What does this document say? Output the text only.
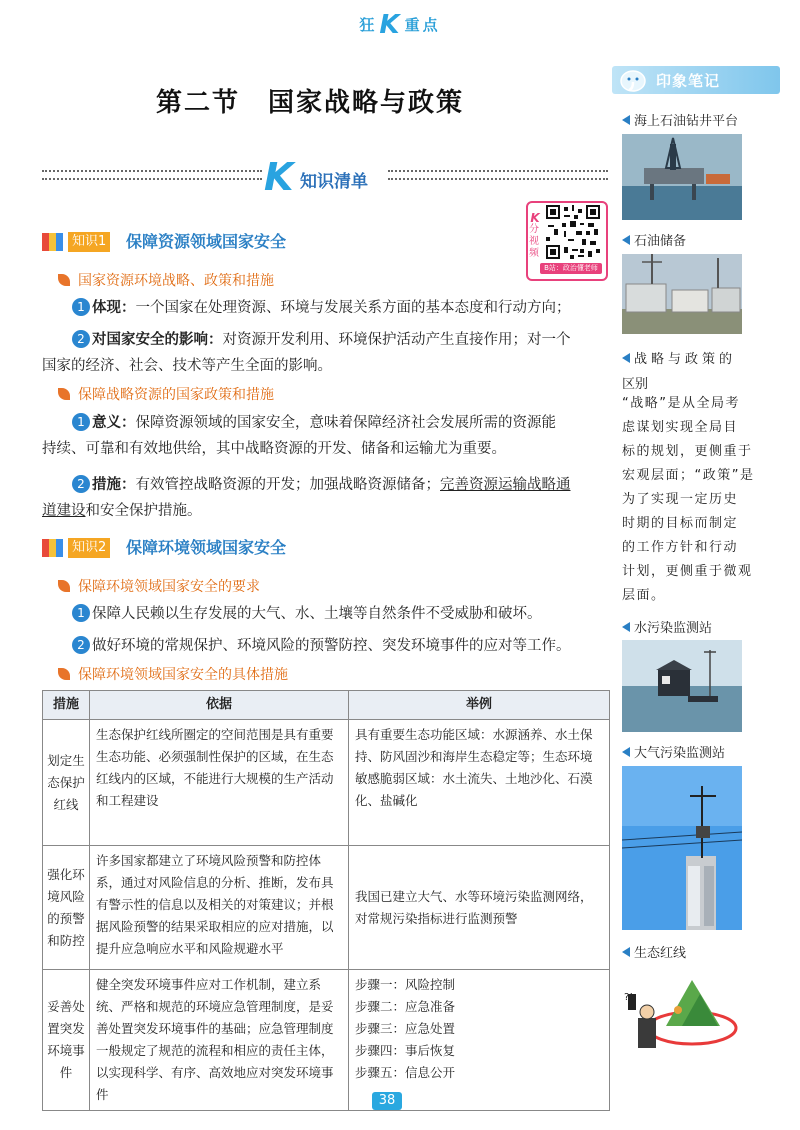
狂K 重点
第二节　国家战略与政策
K 知识清单
K
分视频
B站：政治懂老师
知识1 保障资源领域国家安全
国家资源环境战略、政策和措施
1 体现：一个国家在处理资源、环境与发展关系方面的基本态度和行动方向；
2 对国家安全的影响：对资源开发利用、环境保护活动产生直接作用；对一个
国家的经济、社会、技术等产生全面的影响。
保障战略资源的国家政策和措施
1 意义：保障资源领域的国家安全，意味着保障经济社会发展所需的资源能
持续、可靠和有效地供给，其中战略资源的开发、储备和运输尤为重要。
2 措施：有效管控战略资源的开发；加强战略资源储备；完善资源运输战略通
道建设和安全保护措施。
知识2 保障环境领域国家安全
保障环境领域国家安全的要求
1 保障人民赖以生存发展的大气、水、土壤等自然条件不受威胁和破坏。
2 做好环境的常规保护、环境风险的预警防控、突发环境事件的应对等工作。
保障环境领域国家安全的具体措施
措施	依据	举例
划定生态保护红线	生态保护红线所圈定的空间范围是具有重要生态功能、必须强制性保护的区域，在生态红线内的区域，不能进行大规模的生产活动和工程建设	具有重要生态功能区域：水源涵养、水土保持、防风固沙和海岸生态稳定等；生态环境敏感脆弱区域：水土流失、土地沙化、石漠化、盐碱化
强化环境风险的预警和防控	许多国家都建立了环境风险预警和防控体系，通过对风险信息的分析、推断，发布具有警示性的信息以及相关的对策建议；并根据风险预警的结果采取相应的应对措施，以提升应急响应水平和风险规避水平	我国已建立大气、水等环境污染监测网络，对常规污染指标进行监测预警
妥善处置突发环境事件	健全突发环境事件应对工作机制，建立系统、严格和规范的环境应急管理制度，是妥善处置突发环境事件的基础；应急管理制度一般规定了规范的流程和相应的责任主体，以实现科学、有序、高效地应对突发环境事件	步骤一：风险控制
步骤二：应急准备
步骤三：应急处置
步骤四：事后恢复
步骤五：信息公开
印象笔记
海上石油钻井平台
石油储备
战略与政策的
区别
“战略”是从全局考
虑谋划实现全局目
标的规划，更侧重于
宏观层面；“政策”是
为了实现一定历史
时期的目标而制定
的工作方针和行动
计划，更侧重于微观
层面。
水污染监测站
大气污染监测站
生态红线
?!
38
